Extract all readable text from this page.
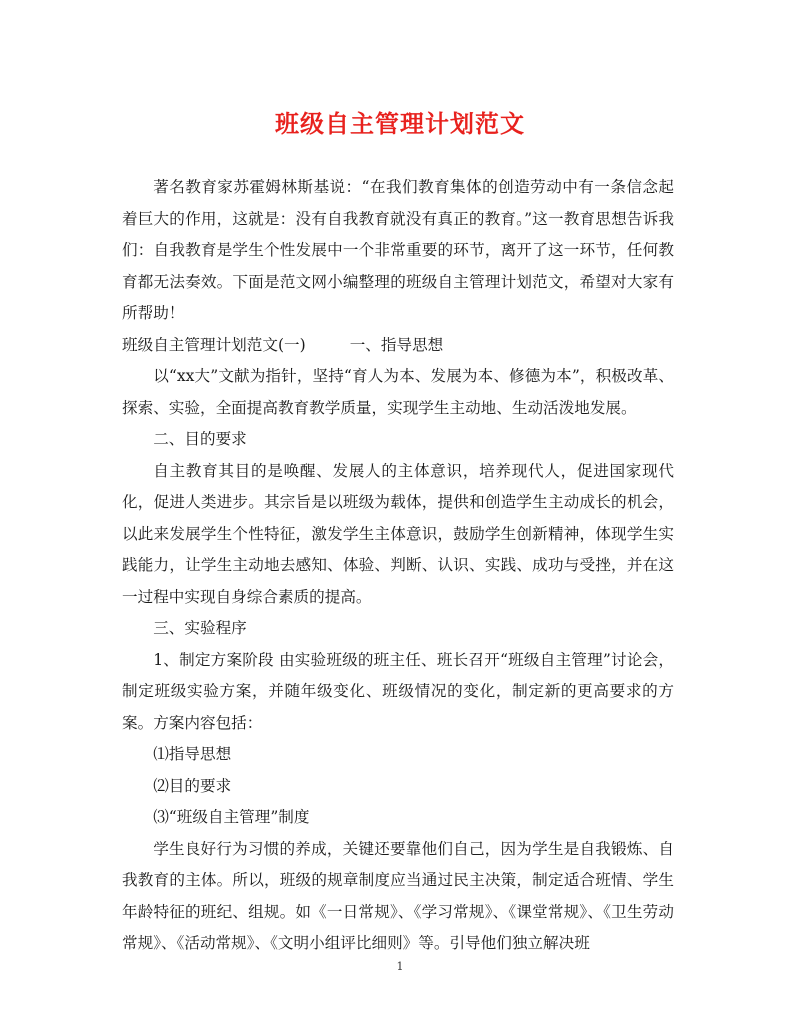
班级自主管理计划范文

著名教育家苏霍姆林斯基说：“在我们教育集体的创造劳动中有一条信念起着巨大的作用，这就是：没有自我教育就没有真正的教育。”这一教育思想告诉我们：自我教育是学生个性发展中一个非常重要的环节，离开了这一环节，任何教育都无法奏效。下面是范文网小编整理的班级自主管理计划范文，希望对大家有所帮助！

班级自主管理计划范文(一)	一、指导思想

以“xx大”文献为指针，坚持“育人为本、发展为本、修德为本”，积极改革、探索、实验，全面提高教育教学质量，实现学生主动地、生动活泼地发展。

二、目的要求

自主教育其目的是唤醒、发展人的主体意识，培养现代人，促进国家现代化，促进人类进步。其宗旨是以班级为载体，提供和创造学生主动成长的机会，以此来发展学生个性特征，激发学生主体意识，鼓励学生创新精神，体现学生实践能力，让学生主动地去感知、体验、判断、认识、实践、成功与受挫，并在这一过程中实现自身综合素质的提高。

三、实验程序

1、制定方案阶段 由实验班级的班主任、班长召开“班级自主管理”讨论会，制定班级实验方案，并随年级变化、班级情况的变化，制定新的更高要求的方案。方案内容包括：

⑴指导思想

⑵目的要求

⑶“班级自主管理”制度

学生良好行为习惯的养成，关键还要靠他们自己，因为学生是自我锻炼、自我教育的主体。所以，班级的规章制度应当通过民主决策，制定适合班情、学生年龄特征的班纪、组规。如《一日常规》、《学习常规》、《课堂常规》、《卫生劳动常规》、《活动常规》、《文明小组评比细则》等。引导他们独立解决班

1
